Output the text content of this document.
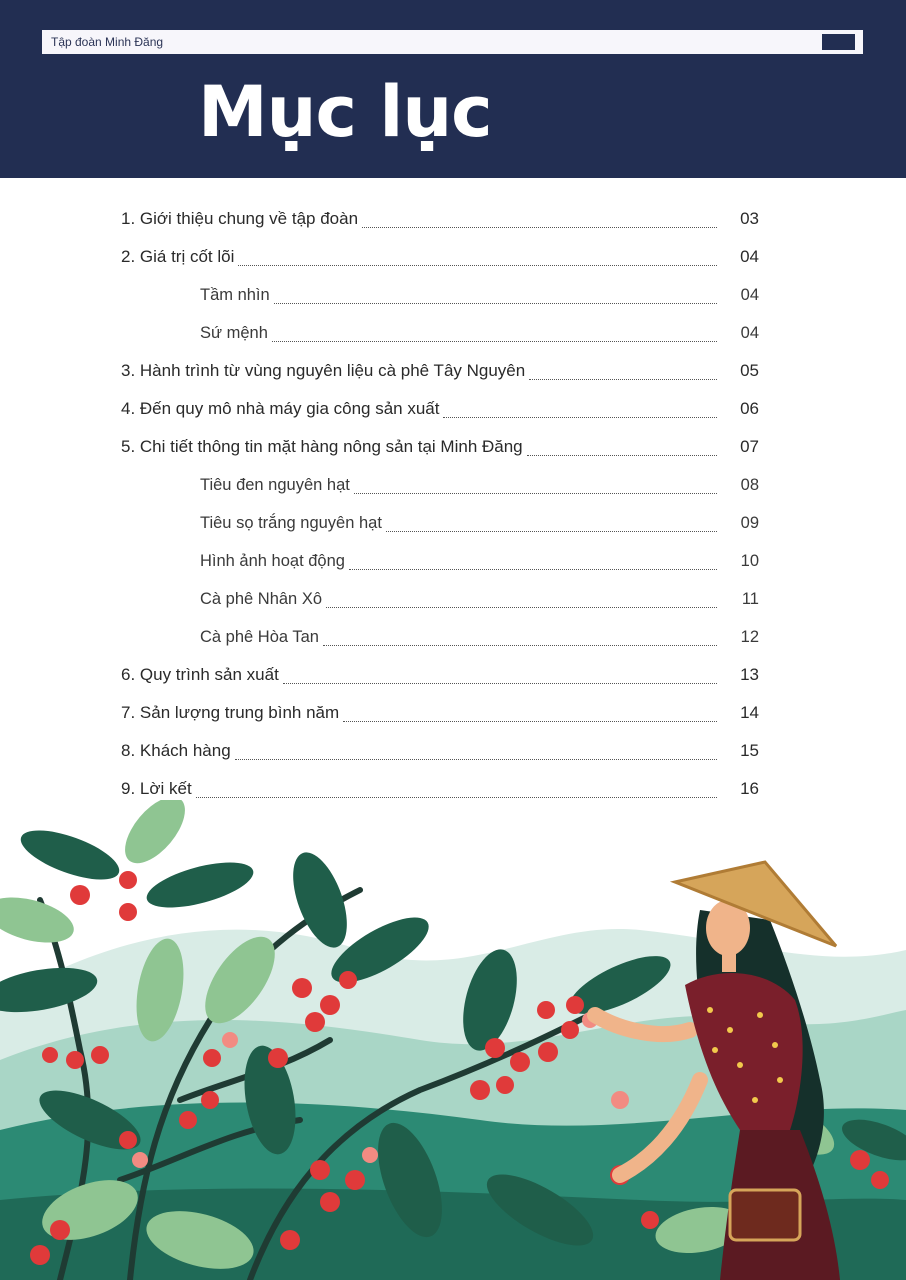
Tập đoàn Minh Đăng
Mục lục
1. Giới thiệu chung về tập đoàn	03
2. Giá trị cốt lõi	04
Tầm nhìn	04
Sứ mệnh	04
3. Hành trình từ vùng nguyên liệu cà phê Tây Nguyên	05
4. Đến quy mô nhà máy gia công sản xuất	06
5. Chi tiết thông tin mặt hàng nông sản tại Minh Đăng	07
Tiêu đen nguyên hạt	08
Tiêu sọ trắng nguyên hạt	09
Hình ảnh hoạt động	10
Cà phê Nhân Xô	11
Cà phê Hòa Tan	12
6. Quy trình sản xuất	13
7. Sản lượng trung bình năm	14
8. Khách hàng	15
9. Lời kết	16
